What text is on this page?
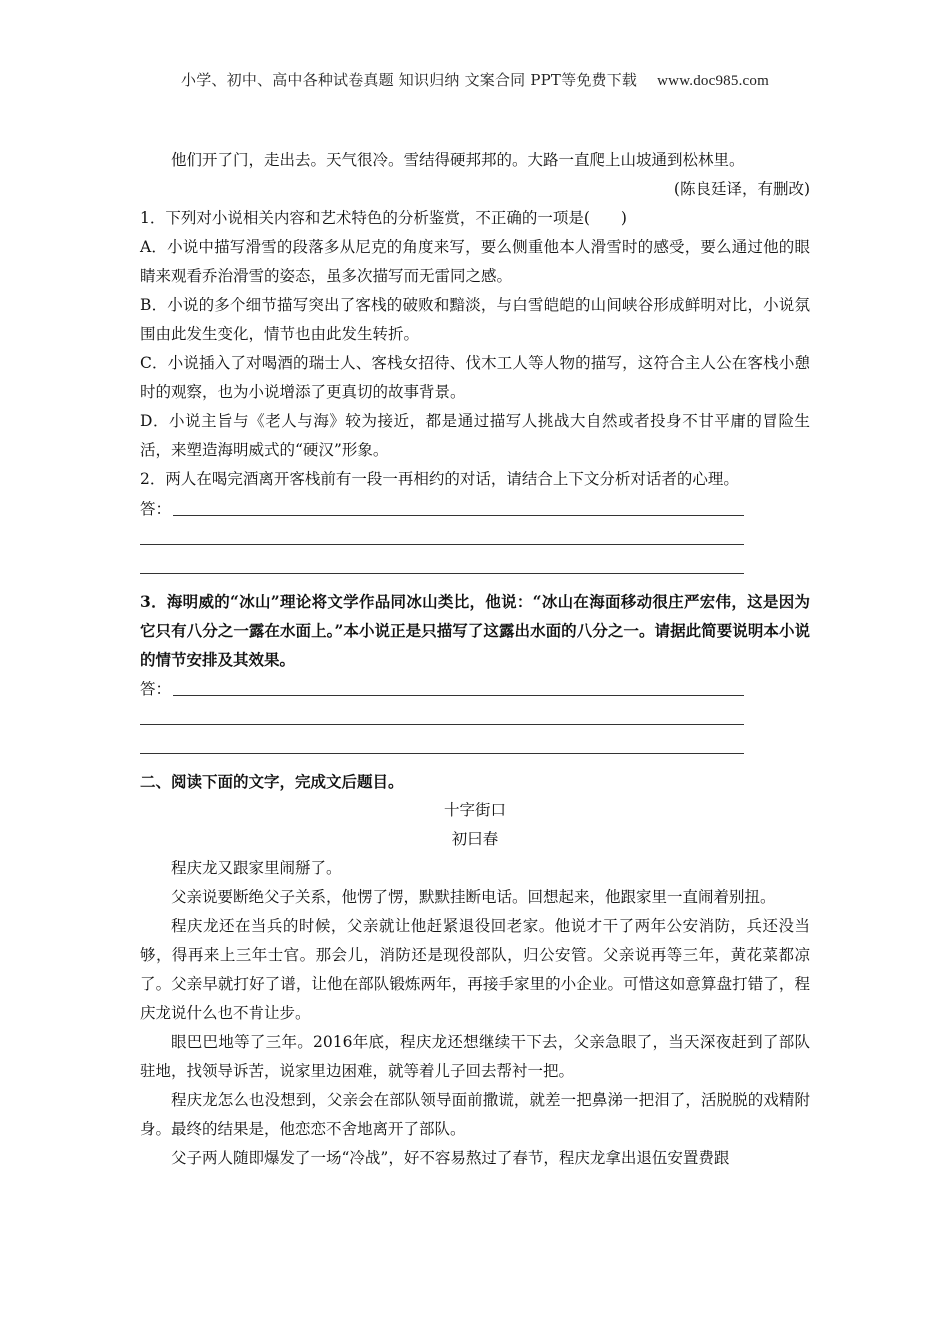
小学、初中、高中各种试卷真题 知识归纳 文案合同 PPT等免费下载 www.doc985.com

他们开了门，走出去。天气很冷。雪结得硬邦邦的。大路一直爬上山坡通到松林里。

(陈良廷译，有删改)

1．下列对小说相关内容和艺术特色的分析鉴赏，不正确的一项是(　　)

A．小说中描写滑雪的段落多从尼克的角度来写，要么侧重他本人滑雪时的感受，要么通过他的眼睛来观看乔治滑雪的姿态，虽多次描写而无雷同之感。

B．小说的多个细节描写突出了客栈的破败和黯淡，与白雪皑皑的山间峡谷形成鲜明对比，小说氛围由此发生变化，情节也由此发生转折。

C．小说插入了对喝酒的瑞士人、客栈女招待、伐木工人等人物的描写，这符合主人公在客栈小憩时的观察，也为小说增添了更真切的故事背景。

D．小说主旨与《老人与海》较为接近，都是通过描写人挑战大自然或者投身不甘平庸的冒险生活，来塑造海明威式的“硬汉”形象。

2．两人在喝完酒离开客栈前有一段一再相约的对话，请结合上下文分析对话者的心理。

答：

3．海明威的“冰山”理论将文学作品同冰山类比，他说：“冰山在海面移动很庄严宏伟，这是因为它只有八分之一露在水面上。”本小说正是只描写了这露出水面的八分之一。请据此简要说明本小说的情节安排及其效果。

答：

二、阅读下面的文字，完成文后题目。

十字街口

初曰春

程庆龙又跟家里闹掰了。

父亲说要断绝父子关系，他愣了愣，默默挂断电话。回想起来，他跟家里一直闹着别扭。

程庆龙还在当兵的时候，父亲就让他赶紧退役回老家。他说才干了两年公安消防，兵还没当够，得再来上三年士官。那会儿，消防还是现役部队，归公安管。父亲说再等三年，黄花菜都凉了。父亲早就打好了谱，让他在部队锻炼两年，再接手家里的小企业。可惜这如意算盘打错了，程庆龙说什么也不肯让步。

眼巴巴地等了三年。2016年底，程庆龙还想继续干下去，父亲急眼了，当天深夜赶到了部队驻地，找领导诉苦，说家里边困难，就等着儿子回去帮衬一把。

程庆龙怎么也没想到，父亲会在部队领导面前撒谎，就差一把鼻涕一把泪了，活脱脱的戏精附身。最终的结果是，他恋恋不舍地离开了部队。

父子两人随即爆发了一场“冷战”，好不容易熬过了春节，程庆龙拿出退伍安置费跟
